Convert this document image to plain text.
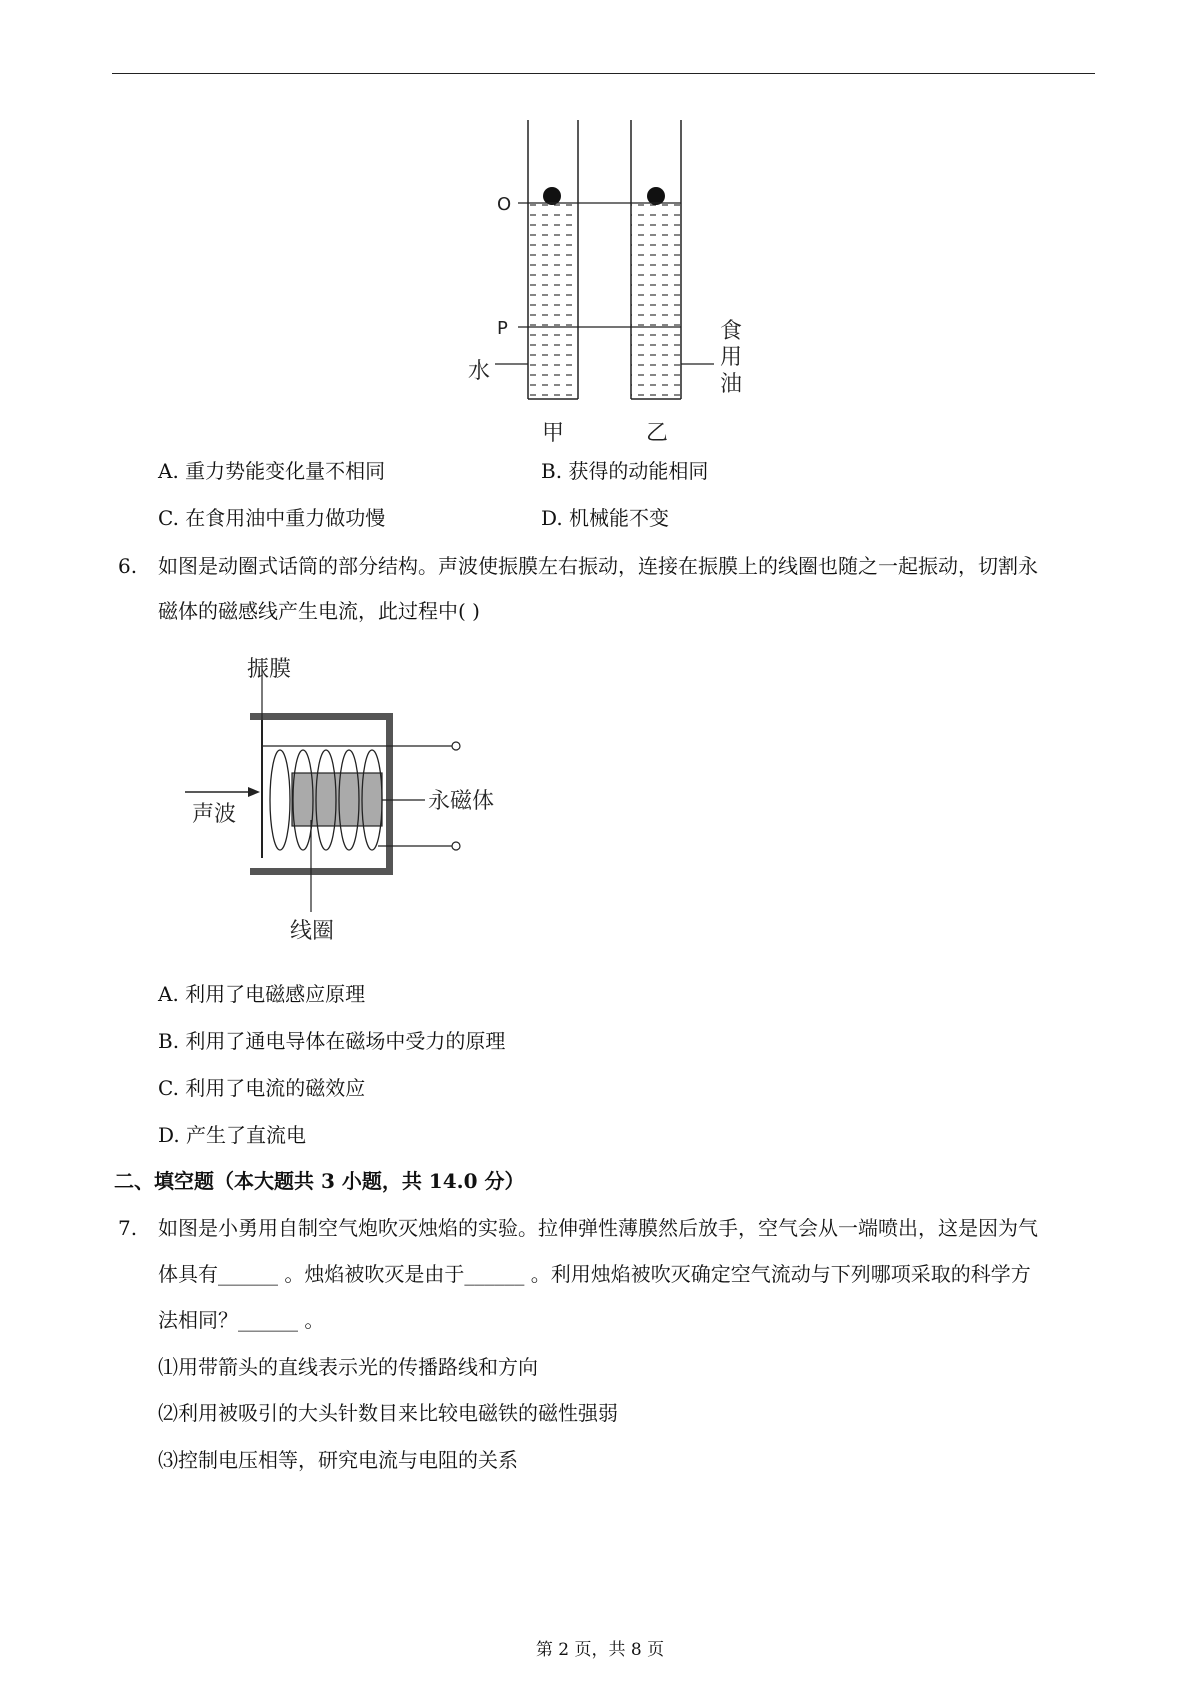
O
P
水
食
用
油
甲	乙
A. 重力势能变化量不相同	B. 获得的动能相同
C. 在食用油中重力做功慢	D. 机械能不变
6. 如图是动圈式话筒的部分结构。声波使振膜左右振动，连接在振膜上的线圈也随之一起振动，切割永
磁体的磁感线产生电流，此过程中( )
振膜
声波
永磁体
线圈
A. 利用了电磁感应原理
B. 利用了通电导体在磁场中受力的原理
C. 利用了电流的磁效应
D. 产生了直流电
二、填空题（本大题共 3 小题，共 14.0 分）
7. 如图是小勇用自制空气炮吹灭烛焰的实验。拉伸弹性薄膜然后放手，空气会从一端喷出，这是因为气
体具有______ 。烛焰被吹灭是由于______ 。利用烛焰被吹灭确定空气流动与下列哪项采取的科学方
法相同？______ 。
⑴用带箭头的直线表示光的传播路线和方向
⑵利用被吸引的大头针数目来比较电磁铁的磁性强弱
⑶控制电压相等，研究电流与电阻的关系
第 2 页，共 8 页
